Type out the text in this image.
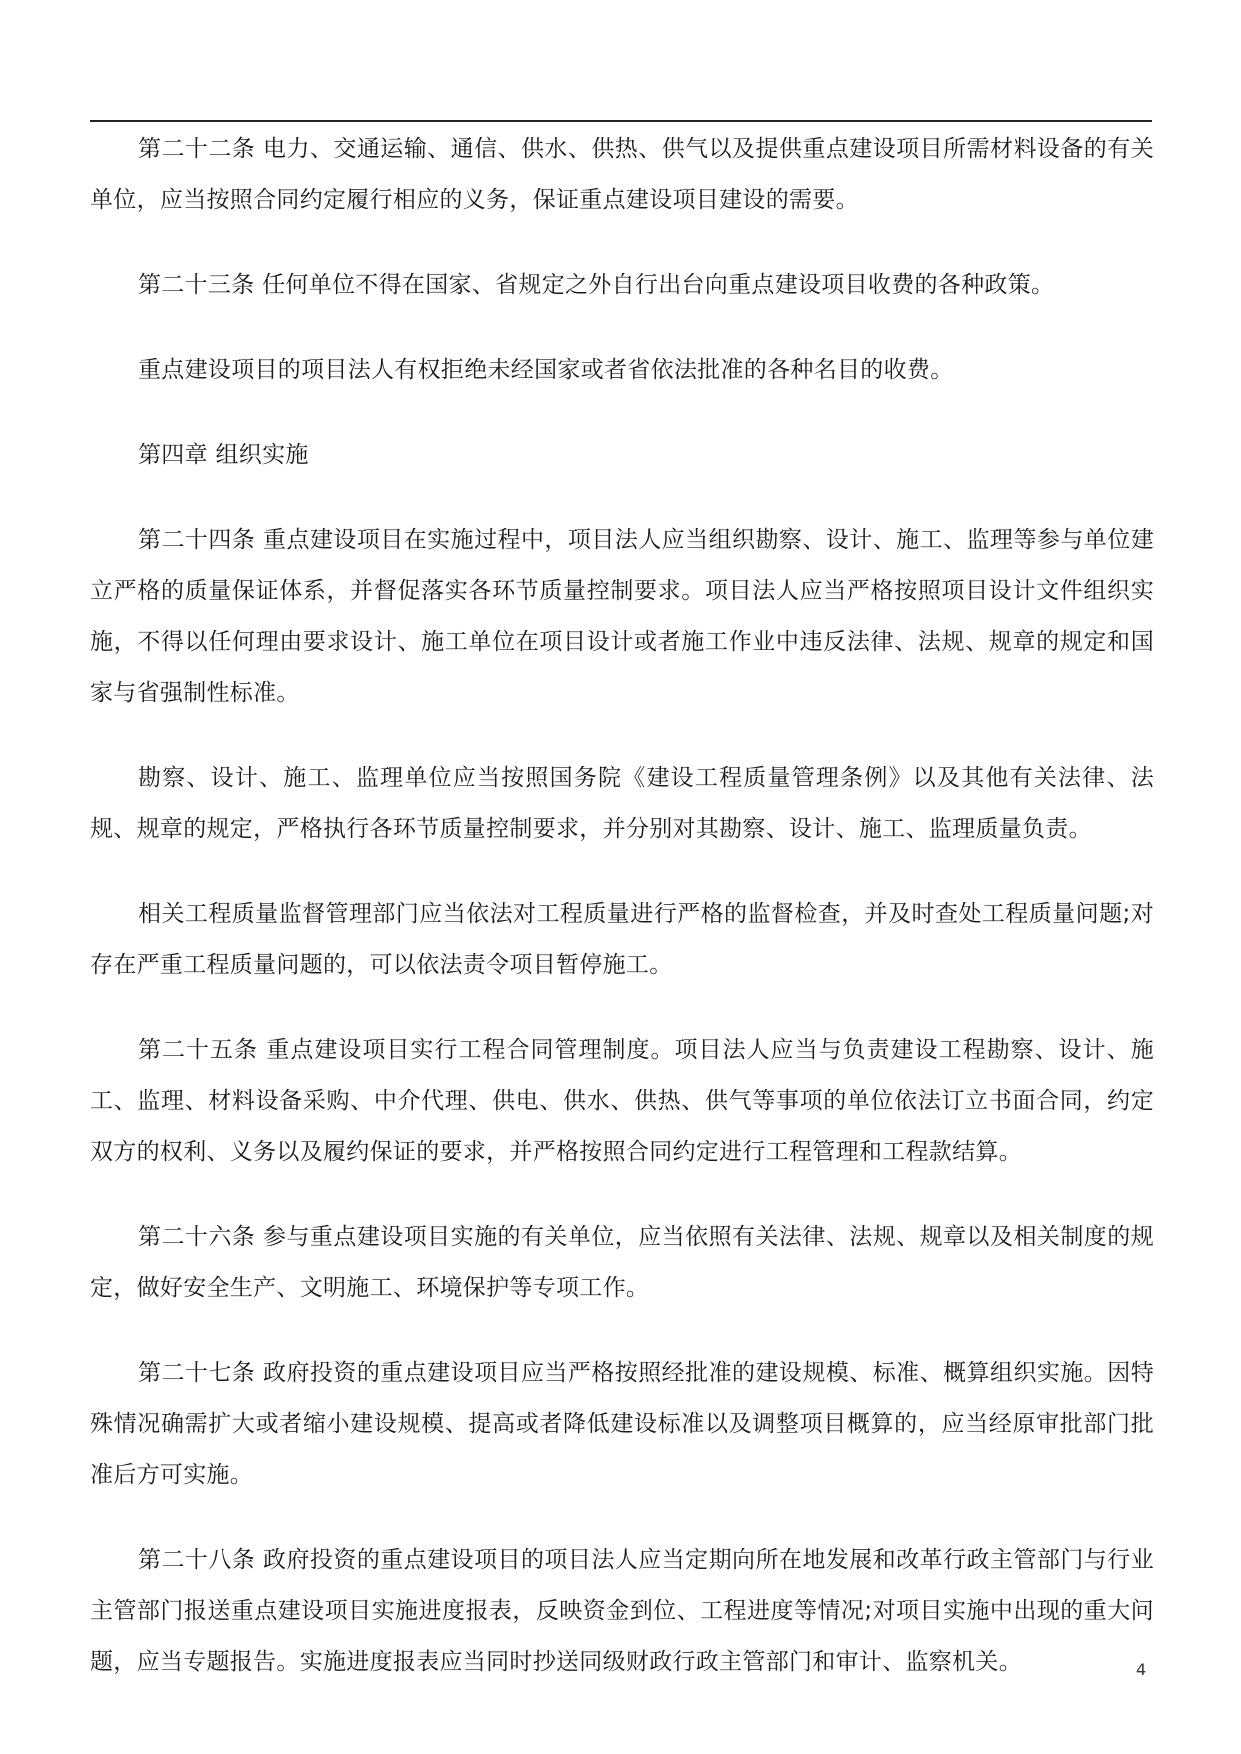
第二十二条 电力、交通运输、通信、供水、供热、供气以及提供重点建设项目所需材料设备的有关单位，应当按照合同约定履行相应的义务，保证重点建设项目建设的需要。

第二十三条 任何单位不得在国家、省规定之外自行出台向重点建设项目收费的各种政策。

重点建设项目的项目法人有权拒绝未经国家或者省依法批准的各种名目的收费。

第四章 组织实施

第二十四条 重点建设项目在实施过程中，项目法人应当组织勘察、设计、施工、监理等参与单位建立严格的质量保证体系，并督促落实各环节质量控制要求。项目法人应当严格按照项目设计文件组织实施，不得以任何理由要求设计、施工单位在项目设计或者施工作业中违反法律、法规、规章的规定和国家与省强制性标准。

勘察、设计、施工、监理单位应当按照国务院《建设工程质量管理条例》以及其他有关法律、法规、规章的规定，严格执行各环节质量控制要求，并分别对其勘察、设计、施工、监理质量负责。

相关工程质量监督管理部门应当依法对工程质量进行严格的监督检查，并及时查处工程质量问题;对存在严重工程质量问题的，可以依法责令项目暂停施工。

第二十五条 重点建设项目实行工程合同管理制度。项目法人应当与负责建设工程勘察、设计、施工、监理、材料设备采购、中介代理、供电、供水、供热、供气等事项的单位依法订立书面合同，约定双方的权利、义务以及履约保证的要求，并严格按照合同约定进行工程管理和工程款结算。

第二十六条 参与重点建设项目实施的有关单位，应当依照有关法律、法规、规章以及相关制度的规定，做好安全生产、文明施工、环境保护等专项工作。

第二十七条 政府投资的重点建设项目应当严格按照经批准的建设规模、标准、概算组织实施。因特殊情况确需扩大或者缩小建设规模、提高或者降低建设标准以及调整项目概算的，应当经原审批部门批准后方可实施。

第二十八条 政府投资的重点建设项目的项目法人应当定期向所在地发展和改革行政主管部门与行业主管部门报送重点建设项目实施进度报表，反映资金到位、工程进度等情况;对项目实施中出现的重大问题，应当专题报告。实施进度报表应当同时抄送同级财政行政主管部门和审计、监察机关。	4
